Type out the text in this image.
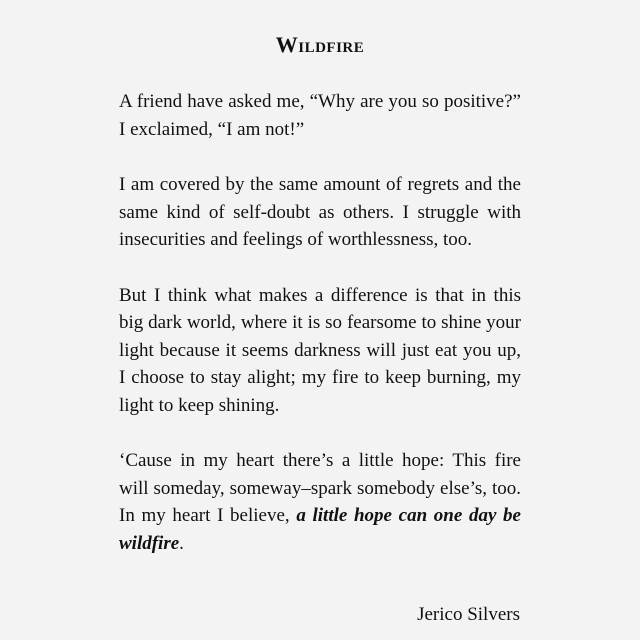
Wildfire

A friend have asked me, “Why are you so positive?” I exclaimed, “I am not!”

I am covered by the same amount of regrets and the same kind of self-doubt as others. I struggle with insecurities and feelings of worthlessness, too.

But I think what makes a difference is that in this big dark world, where it is so fearsome to shine your light because it seems darkness will just eat you up, I choose to stay alight; my fire to keep burning, my light to keep shining.

‘Cause in my heart there’s a little hope: This fire will someday, someway–spark somebody else’s, too. In my heart I believe, a little hope can one day be wildfire.

Jerico Silvers
